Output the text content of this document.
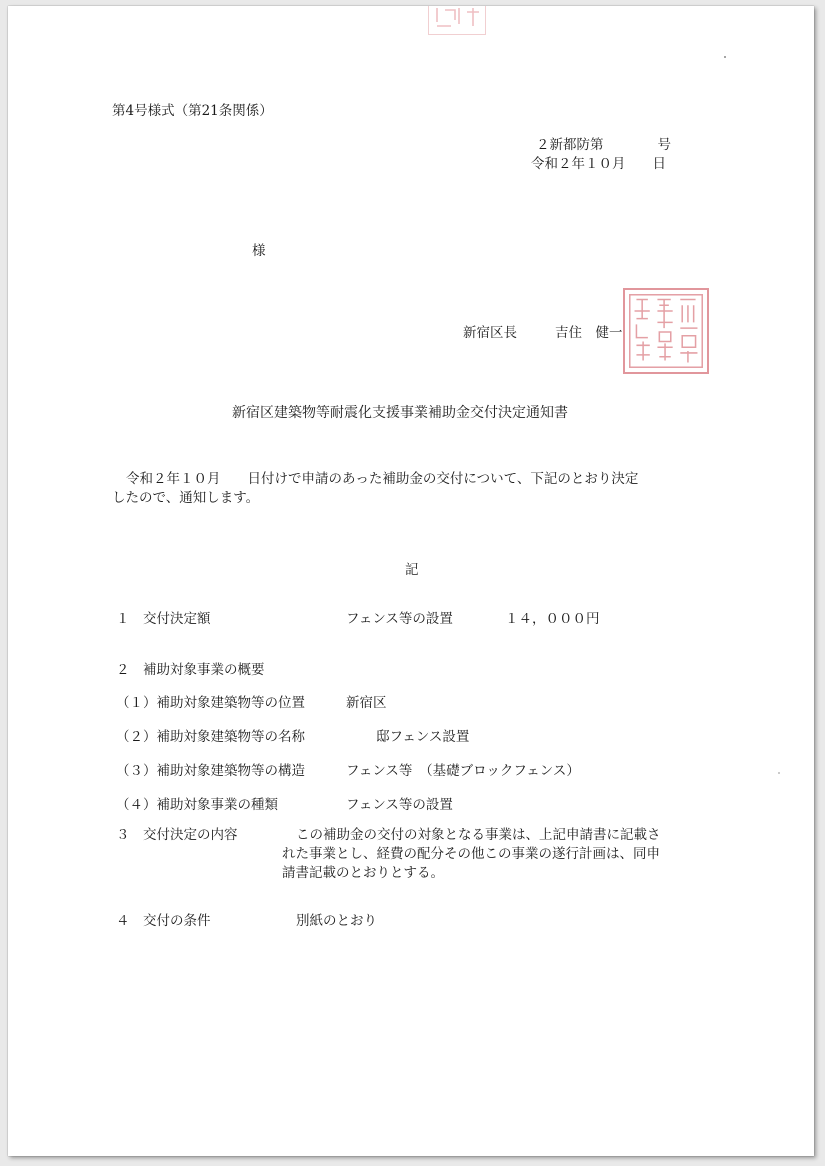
第4号様式（第21条関係）
２新都防第　　　　号
令和２年１０月　　日
様
新宿区長	吉住　健一
新宿区建築物等耐震化支援事業補助金交付決定通知書
令和２年１０月　　日付けで申請のあった補助金の交付について、下記のとおり決定
したので、通知します。
記
１　交付決定額	フェンス等の設置	１４，０００円
２　補助対象事業の概要
（１）補助対象建築物等の位置	新宿区
（２）補助対象建築物等の名称	邸フェンス設置
（３）補助対象建築物等の構造	フェンス等　（基礎ブロックフェンス）
（４）補助対象事業の種類	フェンス等の設置
３　交付決定の内容	この補助金の交付の対象となる事業は、上記申請書に記載さ
れた事業とし、経費の配分その他この事業の遂行計画は、同申
請書記載のとおりとする。
４　交付の条件	別紙のとおり
